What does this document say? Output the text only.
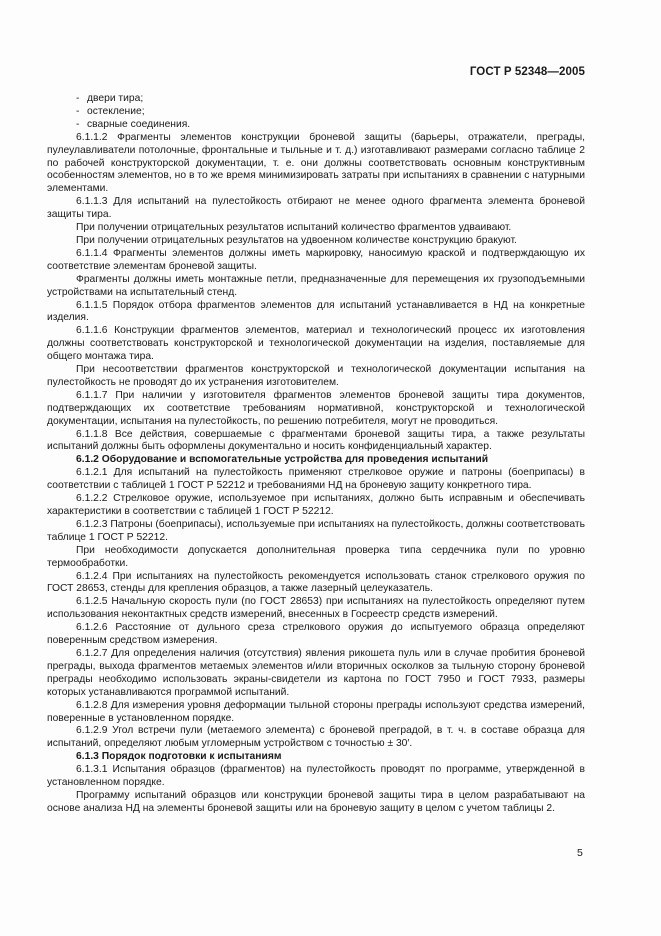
ГОСТ Р 52348—2005

- двери тира;

- остекление;

- сварные соединения.

6.1.1.2 Фрагменты элементов конструкции броневой защиты (барьеры, отражатели, преграды, пулеулавливатели потолочные, фронтальные и тыльные и т. д.) изготавливают размерами согласно таблице 2 по рабочей конструкторской документации, т. е. они должны соответствовать основным конструктивным особенностям элементов, но в то же время минимизировать затраты при испытаниях в сравнении с натурными элементами.

6.1.1.3 Для испытаний на пулестойкость отбирают не менее одного фрагмента элемента броневой защиты тира.

При получении отрицательных результатов испытаний количество фрагментов удваивают.

При получении отрицательных результатов на удвоенном количестве конструкцию бракуют.

6.1.1.4 Фрагменты элементов должны иметь маркировку, наносимую краской и подтверждающую их соответствие элементам броневой защиты.

Фрагменты должны иметь монтажные петли, предназначенные для перемещения их грузоподъемными устройствами на испытательный стенд.

6.1.1.5 Порядок отбора фрагментов элементов для испытаний устанавливается в НД на конкретные изделия.

6.1.1.6 Конструкции фрагментов элементов, материал и технологический процесс их изготовления должны соответствовать конструкторской и технологической документации на изделия, поставляемые для общего монтажа тира.

При несоответствии фрагментов конструкторской и технологической документации испытания на пулестойкость не проводят до их устранения изготовителем.

6.1.1.7 При наличии у изготовителя фрагментов элементов броневой защиты тира документов, подтверждающих их соответствие требованиям нормативной, конструкторской и технологической документации, испытания на пулестойкость, по решению потребителя, могут не проводиться.

6.1.1.8 Все действия, совершаемые с фрагментами броневой защиты тира, а также результаты испытаний должны быть оформлены документально и носить конфиденциальный характер.

6.1.2 Оборудование и вспомогательные устройства для проведения испытаний

6.1.2.1 Для испытаний на пулестойкость применяют стрелковое оружие и патроны (боеприпасы) в соответствии с таблицей 1 ГОСТ Р 52212 и требованиями НД на броневую защиту конкретного тира.

6.1.2.2 Стрелковое оружие, используемое при испытаниях, должно быть исправным и обеспечивать характеристики в соответствии с таблицей 1 ГОСТ Р 52212.

6.1.2.3 Патроны (боеприпасы), используемые при испытаниях на пулестойкость, должны соответствовать таблице 1 ГОСТ Р 52212.

При необходимости допускается дополнительная проверка типа сердечника пули по уровню термообработки.

6.1.2.4 При испытаниях на пулестойкость рекомендуется использовать станок стрелкового оружия по ГОСТ 28653, стенды для крепления образцов, а также лазерный целеуказатель.

6.1.2.5 Начальную скорость пули (по ГОСТ 28653) при испытаниях на пулестойкость определяют путем использования неконтактных средств измерений, внесенных в Госреестр средств измерений.

6.1.2.6 Расстояние от дульного среза стрелкового оружия до испытуемого образца определяют поверенным средством измерения.

6.1.2.7 Для определения наличия (отсутствия) явления рикошета пуль или в случае пробития броневой преграды, выхода фрагментов метаемых элементов и/или вторичных осколков за тыльную сторону броневой преграды необходимо использовать экраны-свидетели из картона по ГОСТ 7950 и ГОСТ 7933, размеры которых устанавливаются программой испытаний.

6.1.2.8 Для измерения уровня деформации тыльной стороны преграды используют средства измерений, поверенные в установленном порядке.

6.1.2.9 Угол встречи пули (метаемого элемента) с броневой преградой, в т. ч. в составе образца для испытаний, определяют любым угломерным устройством с точностью ± 30′.

6.1.3 Порядок подготовки к испытаниям

6.1.3.1 Испытания образцов (фрагментов) на пулестойкость проводят по программе, утвержденной в установленном порядке.

Программу испытаний образцов или конструкции броневой защиты тира в целом разрабатывают на основе анализа НД на элементы броневой защиты или на броневую защиту в целом с учетом таблицы 2.

5
